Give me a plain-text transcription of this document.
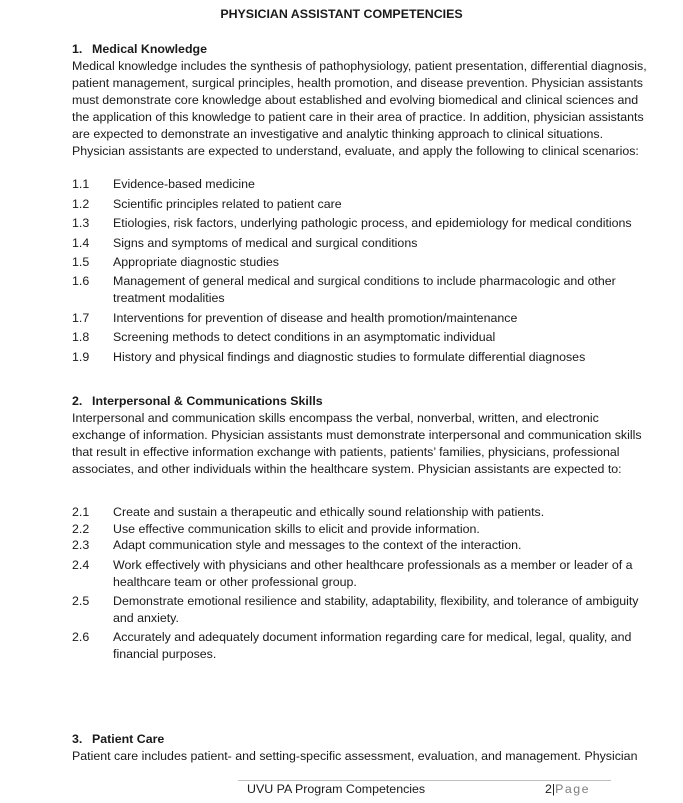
PHYSICIAN ASSISTANT COMPETENCIES
1. Medical Knowledge

Medical knowledge includes the synthesis of pathophysiology, patient presentation, differential diagnosis, patient management, surgical principles, health promotion, and disease prevention. Physician assistants must demonstrate core knowledge about established and evolving biomedical and clinical sciences and the application of this knowledge to patient care in their area of practice. In addition, physician assistants are expected to demonstrate an investigative and analytic thinking approach to clinical situations. Physician assistants are expected to understand, evaluate, and apply the following to clinical scenarios:

1.1	Evidence-based medicine
1.2	Scientific principles related to patient care
1.3	Etiologies, risk factors, underlying pathologic process, and epidemiology for medical conditions
1.4	Signs and symptoms of medical and surgical conditions
1.5	Appropriate diagnostic studies
1.6	Management of general medical and surgical conditions to include pharmacologic and other treatment modalities
1.7	Interventions for prevention of disease and health promotion/maintenance
1.8	Screening methods to detect conditions in an asymptomatic individual
1.9	History and physical findings and diagnostic studies to formulate differential diagnoses
2. Interpersonal & Communications Skills

Interpersonal and communication skills encompass the verbal, nonverbal, written, and electronic exchange of information. Physician assistants must demonstrate interpersonal and communication skills that result in effective information exchange with patients, patients’ families, physicians, professional associates, and other individuals within the healthcare system. Physician assistants are expected to:

2.1	Create and sustain a therapeutic and ethically sound relationship with patients.
2.2	Use effective communication skills to elicit and provide information.
2.3	Adapt communication style and messages to the context of the interaction.
2.4	Work effectively with physicians and other healthcare professionals as a member or leader of a healthcare team or other professional group.
2.5	Demonstrate emotional resilience and stability, adaptability, flexibility, and tolerance of ambiguity and anxiety.
2.6	Accurately and adequately document information regarding care for medical, legal, quality, and financial purposes.
3. Patient Care

Patient care includes patient- and setting-specific assessment, evaluation, and management. Physician

UVU PA Program Competencies	2|Page
